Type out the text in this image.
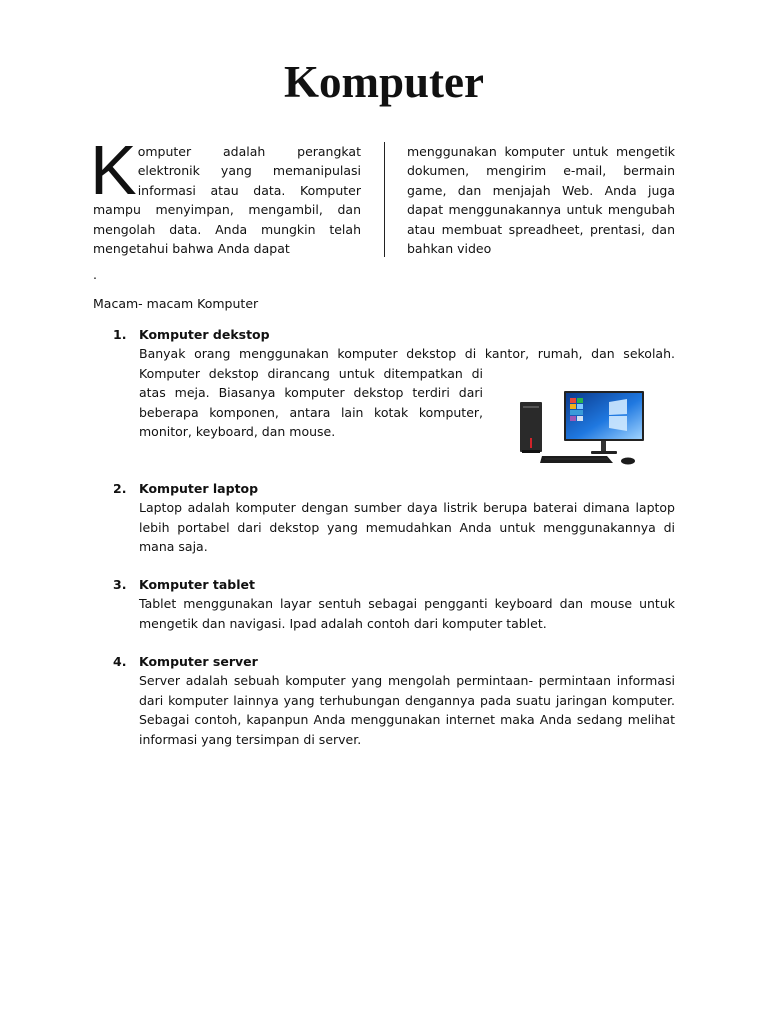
Komputer

Komputer adalah perangkat elektronik yang memanipulasi informasi atau data. Komputer mampu menyimpan, mengambil, dan mengolah data. Anda mungkin telah mengetahui bahwa Anda dapat

menggunakan komputer untuk mengetik dokumen, mengirim e-mail, bermain game, dan menjajah Web. Anda juga dapat menggunakannya untuk mengubah atau membuat spreadheet, prentasi, dan bahkan video

.
Macam- macam Komputer
1.	Komputer dekstop

Banyak orang menggunakan komputer dekstop di kantor, rumah, dan sekolah.

Komputer dekstop dirancang untuk ditempatkan di atas meja. Biasanya komputer dekstop terdiri dari beberapa komponen, antara lain kotak komputer, monitor, keyboard, dan mouse.

2.	Komputer laptop

Laptop adalah komputer dengan sumber daya listrik berupa baterai dimana laptop lebih portabel dari dekstop yang memudahkan Anda untuk menggunakannya di mana saja.

3.	Komputer tablet

Tablet menggunakan layar sentuh sebagai pengganti keyboard dan mouse untuk mengetik dan navigasi. Ipad adalah contoh dari komputer tablet.

4.	Komputer server

Server adalah sebuah komputer yang mengolah permintaan- permintaan informasi dari komputer lainnya yang terhubungan dengannya pada suatu jaringan komputer. Sebagai contoh, kapanpun Anda menggunakan internet maka Anda sedang melihat informasi yang tersimpan di server.
